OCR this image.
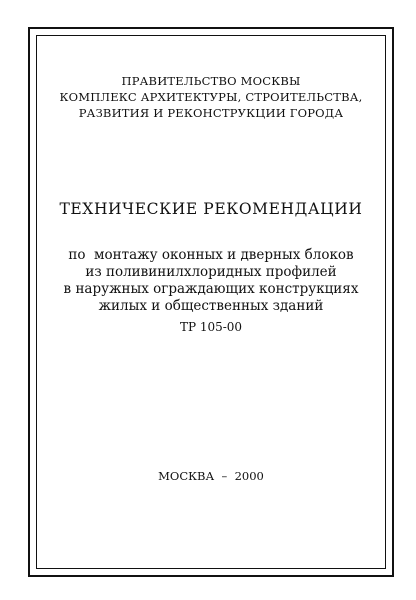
ПРАВИТЕЛЬСТВО МОСКВЫ
КОМПЛЕКС АРХИТЕКТУРЫ, СТРОИТЕЛЬСТВА,
РАЗВИТИЯ И РЕКОНСТРУКЦИИ ГОРОДА
ТЕХНИЧЕСКИЕ РЕКОМЕНДАЦИИ
по  монтажу оконных и дверных блоков
из поливинилхлоридных профилей
в наружных ограждающих конструкциях
жилых и общественных зданий
ТР 105-00
МОСКВА  –  2000
